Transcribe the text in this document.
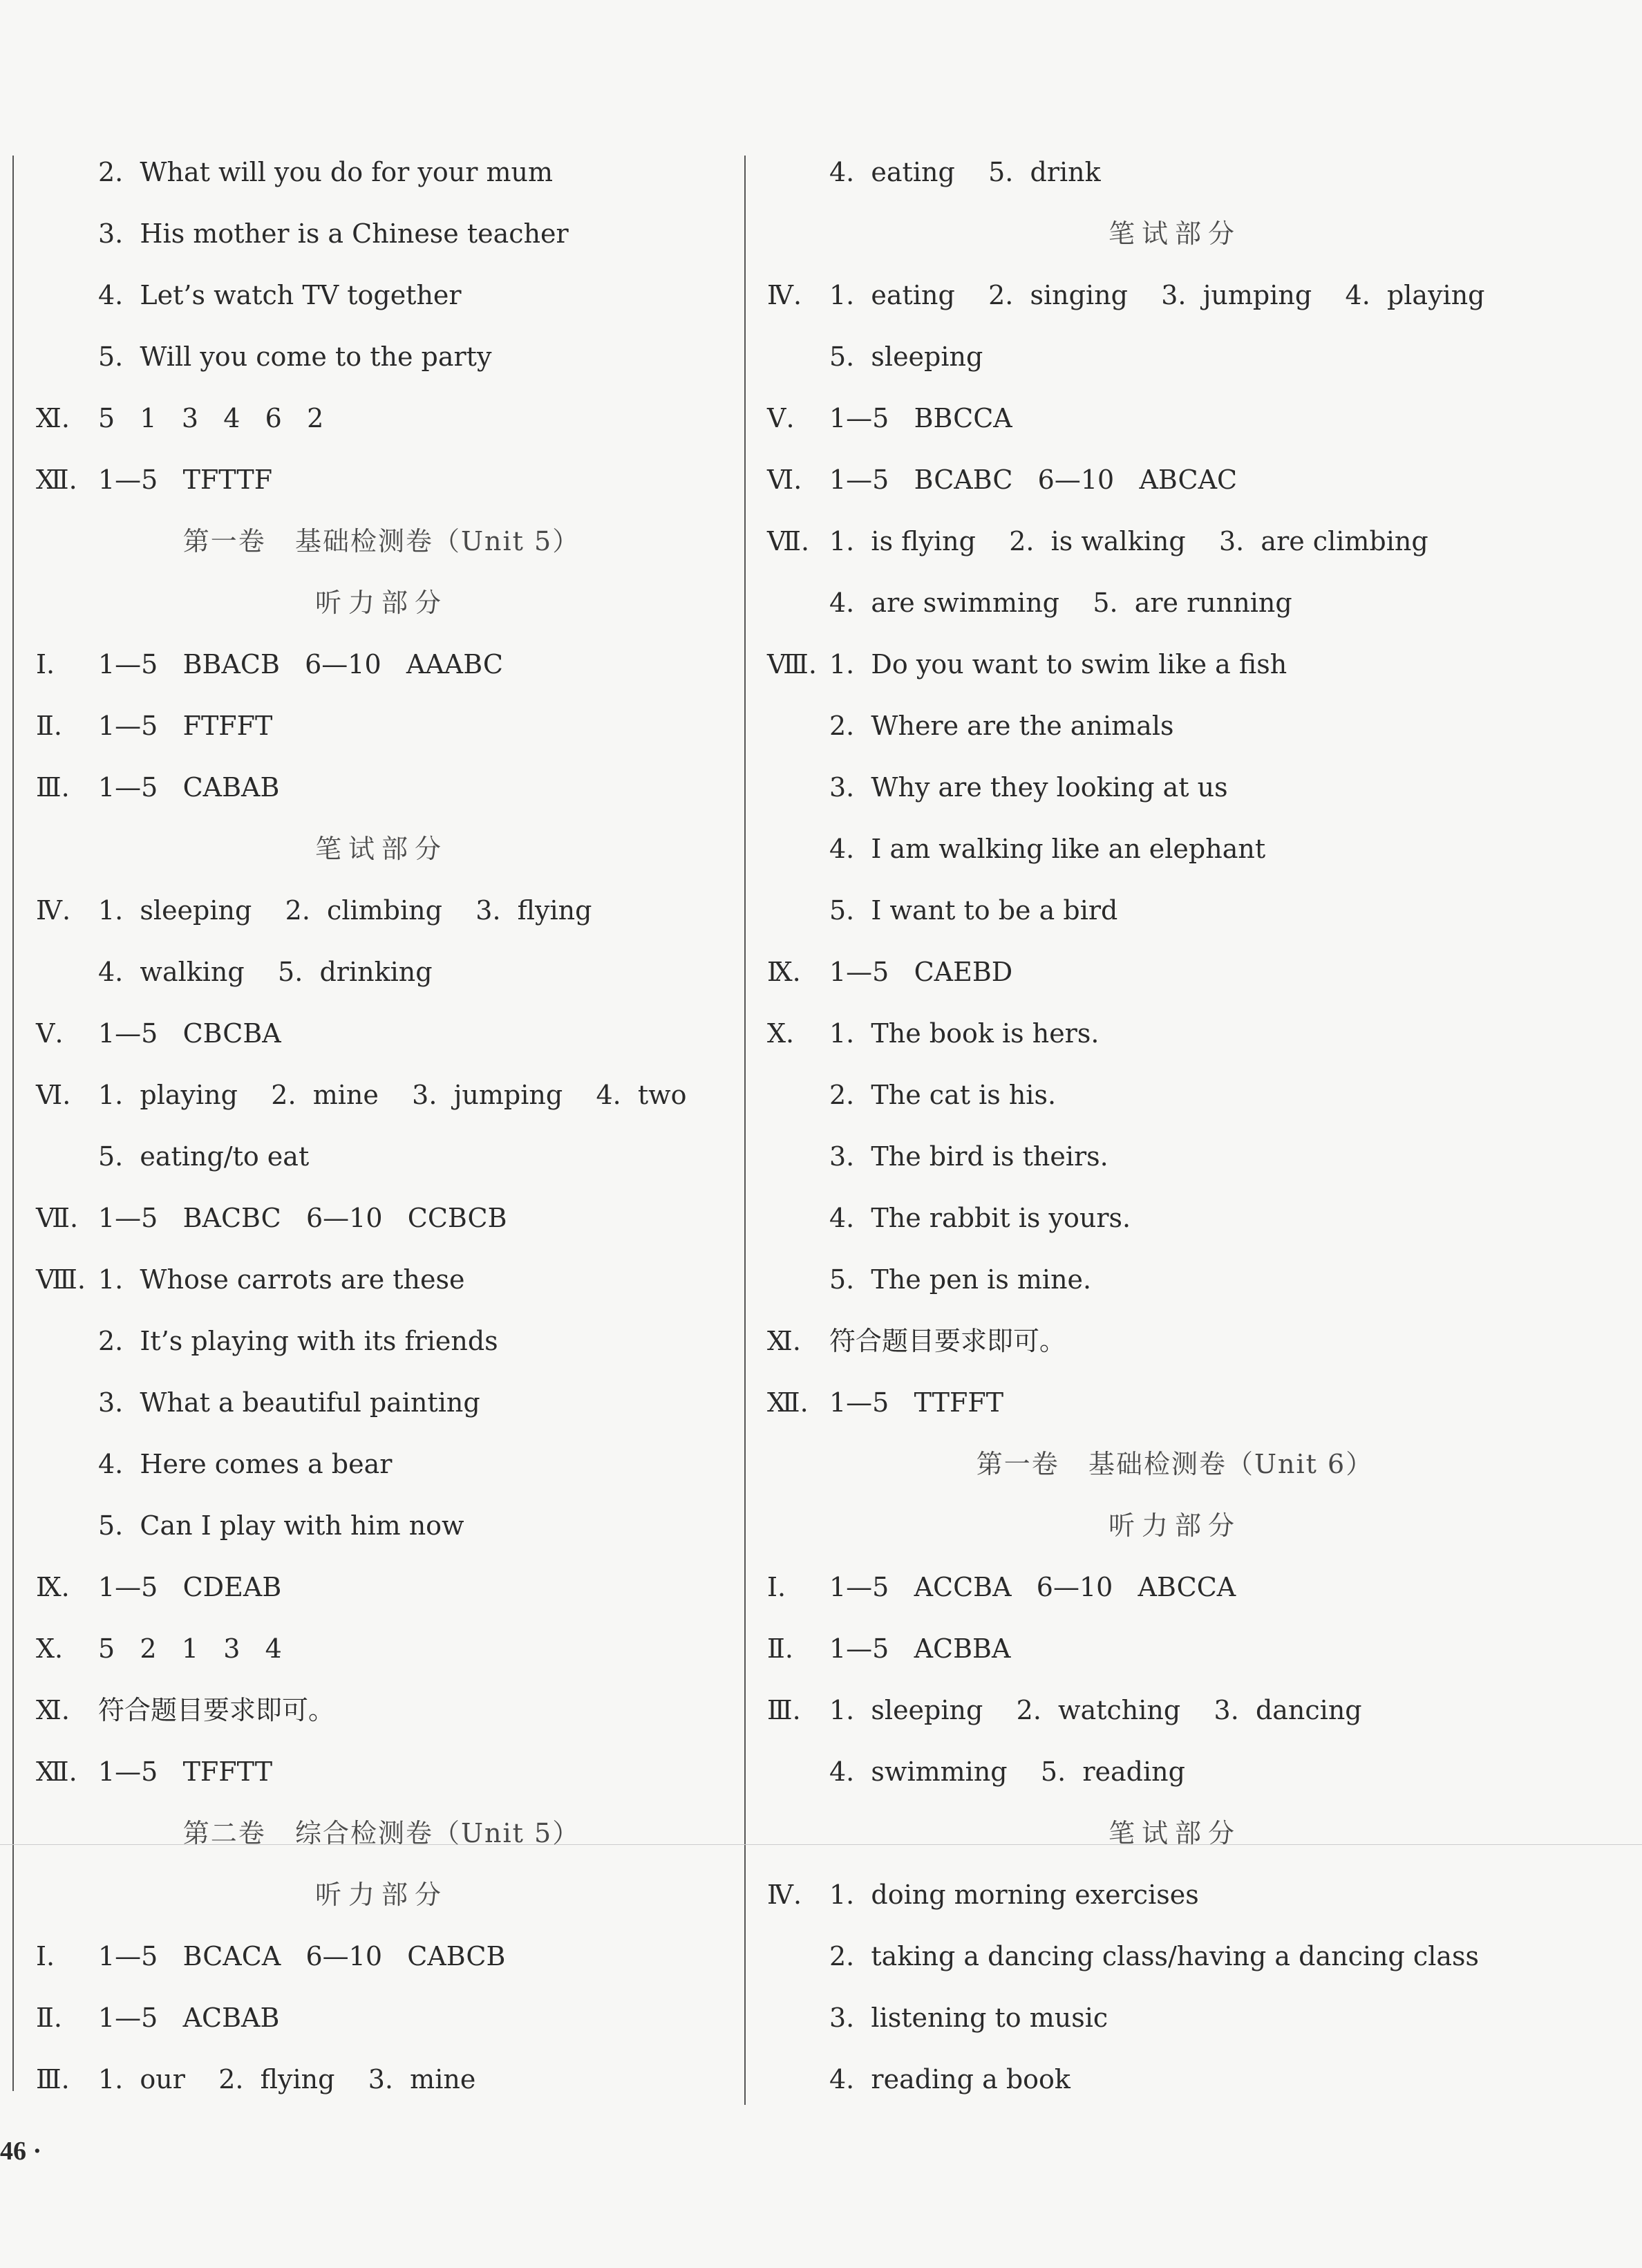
2.  What will you do for your mum
3.  His mother is a Chinese teacher
4.  Let’s watch TV together
5.  Will you come to the party
Ⅺ.	5   1   3   4   6   2
Ⅻ. 1—5   TFTTF
第一卷   基础检测卷（Unit 5）
听力部分
Ⅰ.	1—5   BBACB   6—10   AAABC
Ⅱ.	1—5   FTFFT
Ⅲ.	1—5   CABAB
笔试部分
Ⅳ.	1.  sleeping    2.  climbing    3.  flying
4.  walking    5.  drinking
Ⅴ.	1—5   CBCBA
Ⅵ.	1.  playing    2.  mine    3.  jumping    4.  two
5.  eating/to eat
Ⅶ. 1—5   BACBC   6—10   CCBCB
Ⅷ. 1.  Whose carrots are these
2.  It’s playing with its friends
3.  What a beautiful painting
4.  Here comes a bear
5.  Can I play with him now
Ⅸ.	1—5   CDEAB
Ⅹ.	5   2   1   3   4
Ⅺ.	符合题目要求即可。
Ⅻ. 1—5   TFFTT
第二卷   综合检测卷（Unit 5）
听力部分
Ⅰ.	1—5   BCACA   6—10   CABCB
Ⅱ.	1—5   ACBAB
Ⅲ.	1.  our    2.  flying    3.  mine
4.  eating    5.  drink
笔试部分
Ⅳ.	1.  eating    2.  singing    3.  jumping    4.  playing
5.  sleeping
Ⅴ.	1—5   BBCCA
Ⅵ.	1—5   BCABC   6—10   ABCAC
Ⅶ. 1.  is flying    2.  is walking    3.  are climbing
4.  are swimming    5.  are running
Ⅷ. 1.  Do you want to swim like a fish
2.  Where are the animals
3.  Why are they looking at us
4.  I am walking like an elephant
5.  I want to be a bird
Ⅸ.	1—5   CAEBD
Ⅹ.	1.  The book is hers.
2.  The cat is his.
3.  The bird is theirs.
4.  The rabbit is yours.
5.  The pen is mine.
Ⅺ.	符合题目要求即可。
Ⅻ. 1—5   TTFFT
第一卷   基础检测卷（Unit 6）
听力部分
Ⅰ.	1—5   ACCBA   6—10   ABCCA
Ⅱ.	1—5   ACBBA
Ⅲ.	1.  sleeping    2.  watching    3.  dancing
4.  swimming    5.  reading
笔试部分
Ⅳ.	1.  doing morning exercises
2.  taking a dancing class/having a dancing class
3.  listening to music
4.  reading a book
46 ·
